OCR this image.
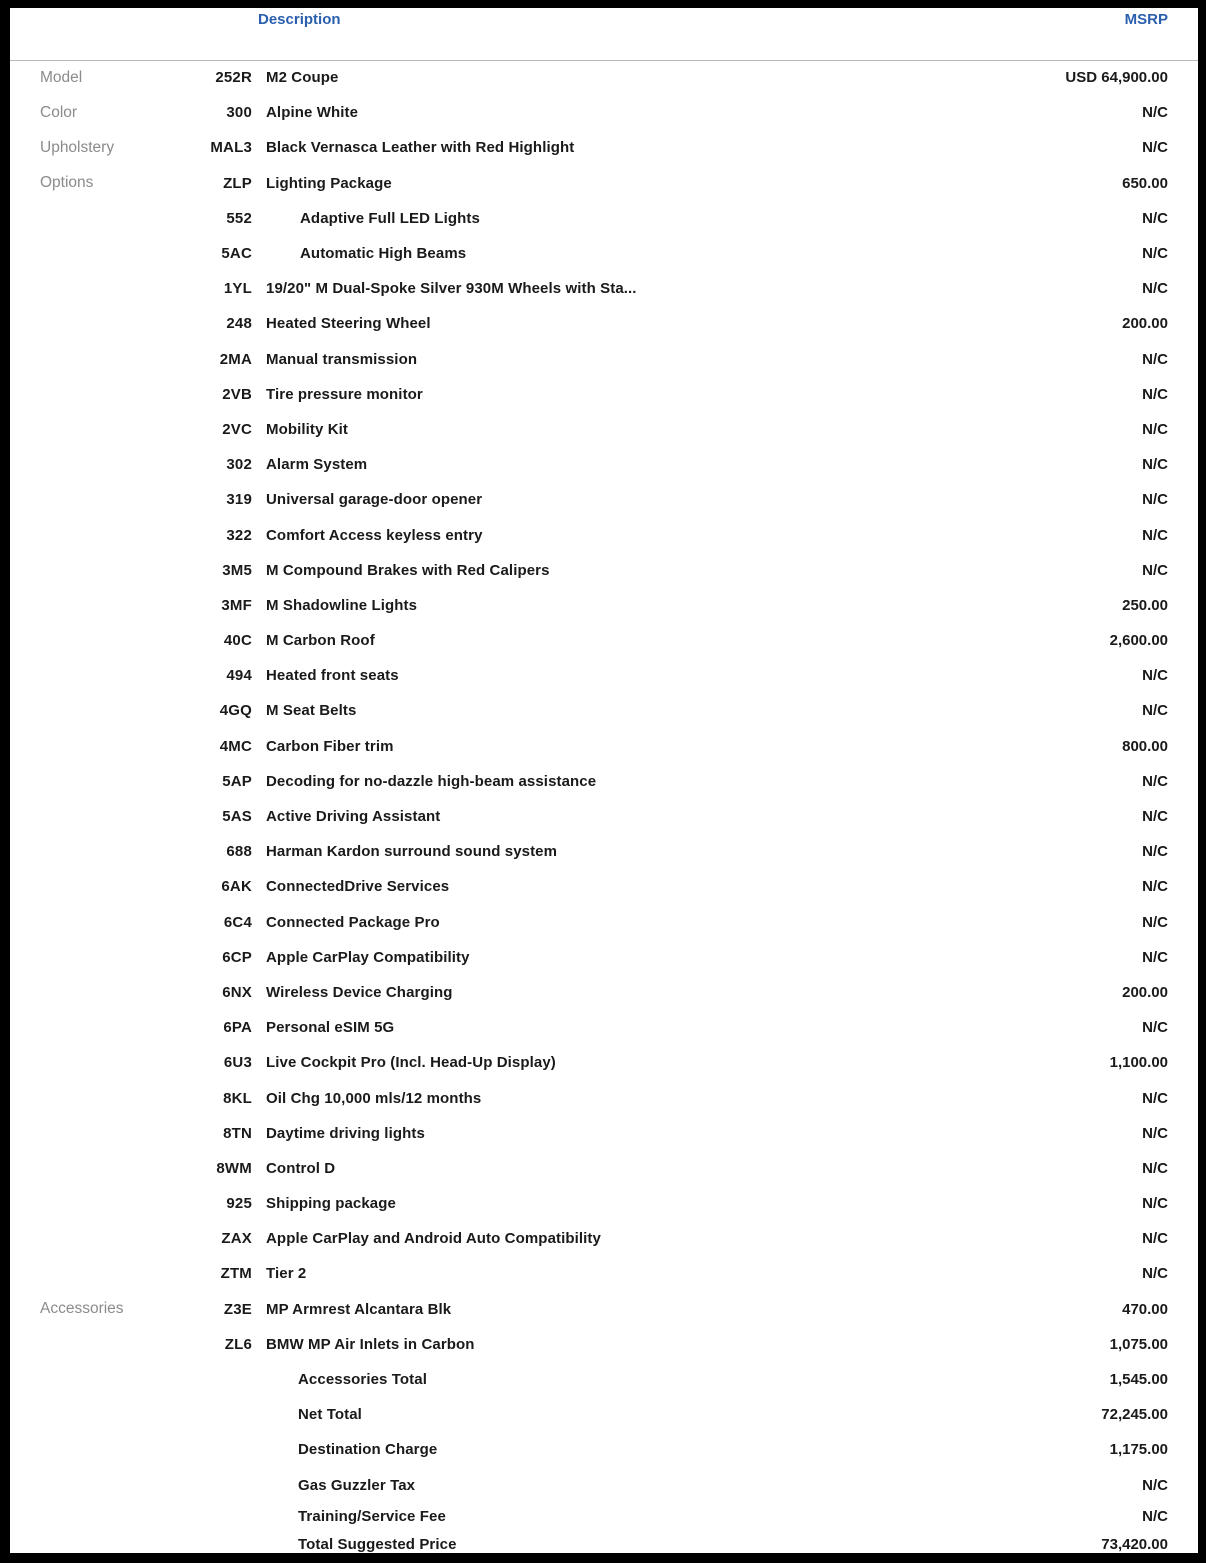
		Description	MSRP

Model	252R	M2 Coupe	USD 64,900.00
Color	300	Alpine White	N/C
Upholstery	MAL3	Black Vernasca Leather with Red Highlight	N/C
Options	ZLP	Lighting Package	650.00
	552	Adaptive Full LED Lights	N/C
	5AC	Automatic High Beams	N/C
	1YL	19/20" M Dual-Spoke Silver 930M Wheels with Sta...	N/C
	248	Heated Steering Wheel	200.00
	2MA	Manual transmission	N/C
	2VB	Tire pressure monitor	N/C
	2VC	Mobility Kit	N/C
	302	Alarm System	N/C
	319	Universal garage-door opener	N/C
	322	Comfort Access keyless entry	N/C
	3M5	M Compound Brakes with Red Calipers	N/C
	3MF	M Shadowline Lights	250.00
	40C	M Carbon Roof	2,600.00
	494	Heated front seats	N/C
	4GQ	M Seat Belts	N/C
	4MC	Carbon Fiber trim	800.00
	5AP	Decoding for no-dazzle high-beam assistance	N/C
	5AS	Active Driving Assistant	N/C
	688	Harman Kardon surround sound system	N/C
	6AK	ConnectedDrive Services	N/C
	6C4	Connected Package Pro	N/C
	6CP	Apple CarPlay Compatibility	N/C
	6NX	Wireless Device Charging	200.00
	6PA	Personal eSIM 5G	N/C
	6U3	Live Cockpit Pro (Incl. Head-Up Display)	1,100.00
	8KL	Oil Chg 10,000 mls/12 months	N/C
	8TN	Daytime driving lights	N/C
	8WM	Control D	N/C
	925	Shipping package	N/C
	ZAX	Apple CarPlay and Android Auto Compatibility	N/C
	ZTM	Tier 2	N/C
Accessories	Z3E	MP Armrest Alcantara Blk	470.00
	ZL6	BMW MP Air Inlets in Carbon	1,075.00
		Accessories Total	1,545.00
		Net Total	72,245.00
		Destination Charge	1,175.00
		Gas Guzzler Tax	N/C
		Training/Service Fee	N/C
		Total Suggested Price	73,420.00
